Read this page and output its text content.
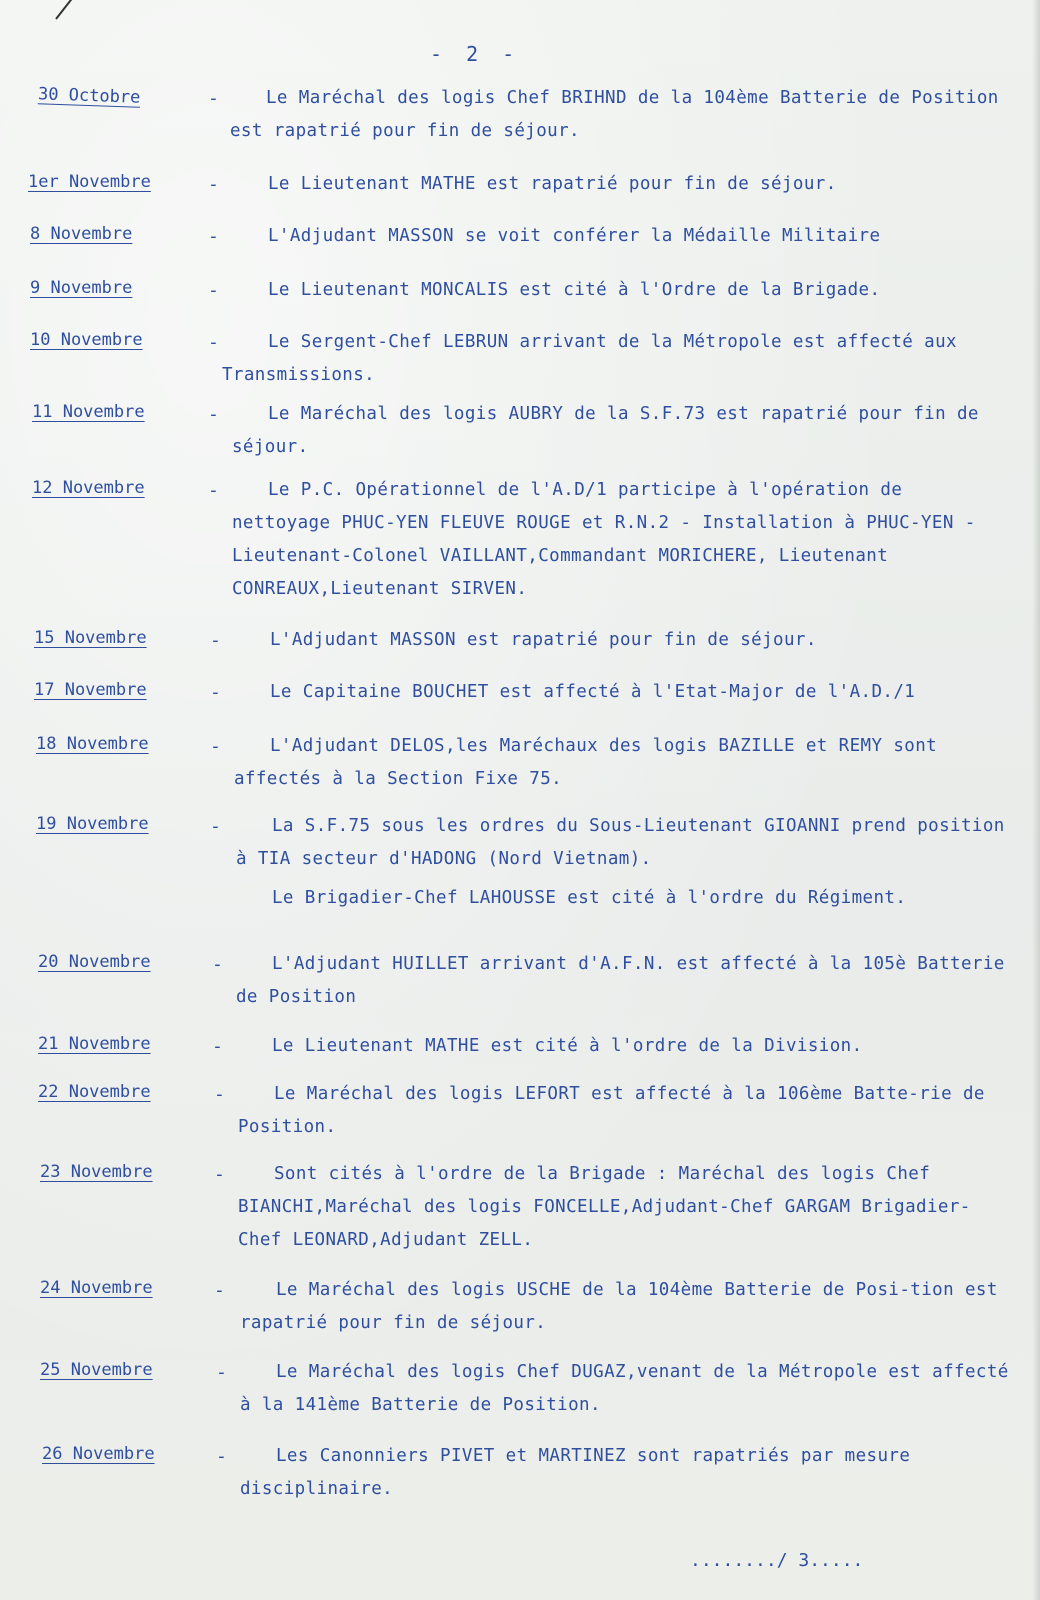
- 2 -
30 Octobre	-	Le Maréchal des logis Chef BRIHND de la 104ème Batterie de Position est rapatrié pour fin de séjour.
1er Novembre	-	Le Lieutenant MATHE est rapatrié pour fin de séjour.
8 Novembre	-	L'Adjudant MASSON se voit conférer la Médaille Militaire
9 Novembre	-	Le Lieutenant MONCALIS est cité à l'Ordre de la Brigade.
10 Novembre	-	Le Sergent-Chef LEBRUN arrivant de la Métropole est affecté aux Transmissions.
11 Novembre	-	Le Maréchal des logis AUBRY de la S.F.73 est rapatrié pour fin de séjour.
12 Novembre	-	Le P.C. Opérationnel de l'A.D/1 participe à l'opération de nettoyage PHUC-YEN FLEUVE ROUGE et R.N.2 - Installation à PHUC-YEN - Lieutenant-Colonel VAILLANT,Commandant MORICHERE, Lieutenant CONREAUX,Lieutenant SIRVEN.
15 Novembre	-	L'Adjudant MASSON est rapatrié pour fin de séjour.
17 Novembre	-	Le Capitaine BOUCHET est affecté à l'Etat-Major de l'A.D./1
18 Novembre	-	L'Adjudant DELOS,les Maréchaux des logis BAZILLE et REMY sont affectés à la Section Fixe 75.
19 Novembre	-	La S.F.75 sous les ordres du Sous-Lieutenant GIOANNI prend position à TIA secteur d'HADONG (Nord Vietnam).
Le Brigadier-Chef LAHOUSSE est cité à l'ordre du Régiment.
20 Novembre	-	L'Adjudant HUILLET arrivant d'A.F.N. est affecté à la 105è Batterie de Position
21 Novembre	-	Le Lieutenant MATHE est cité à l'ordre de la Division.
22 Novembre	-	Le Maréchal des logis LEFORT est affecté à la 106ème Batte-rie de Position.
23 Novembre	-	Sont cités à l'ordre de la Brigade : Maréchal des logis Chef BIANCHI,Maréchal des logis FONCELLE,Adjudant-Chef GARGAM Brigadier-Chef LEONARD,Adjudant ZELL.
24 Novembre	-	Le Maréchal des logis USCHE de la 104ème Batterie de Posi-tion est rapatrié pour fin de séjour.
25 Novembre	-	Le Maréchal des logis Chef DUGAZ,venant de la Métropole est affecté à la 141ème Batterie de Position.
26 Novembre	-	Les Canonniers PIVET et MARTINEZ sont rapatriés par mesure disciplinaire.
......../ 3.....
